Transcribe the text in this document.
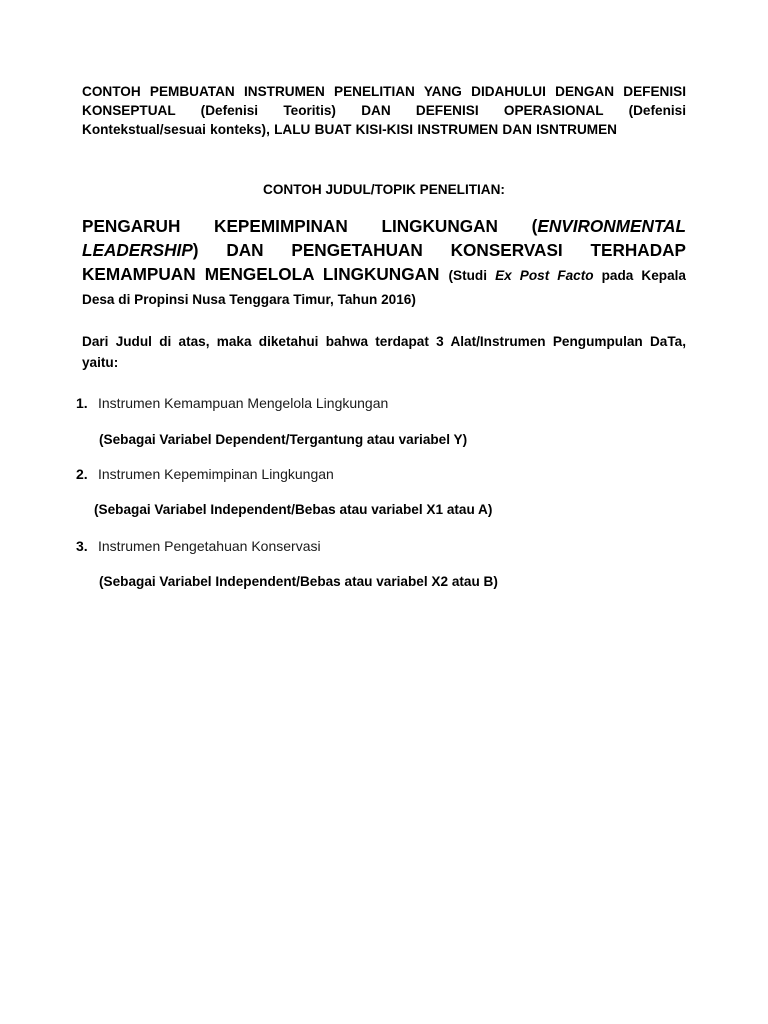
CONTOH PEMBUATAN INSTRUMEN PENELITIAN YANG DIDAHULUI DENGAN DEFENISI KONSEPTUAL (Defenisi Teoritis) DAN DEFENISI OPERASIONAL (Defenisi Kontekstual/sesuai konteks), LALU BUAT KISI-KISI INSTRUMEN DAN ISNTRUMEN

CONTOH JUDUL/TOPIK PENELITIAN:

PENGARUH KEPEMIMPINAN LINGKUNGAN (ENVIRONMENTAL LEADERSHIP) DAN PENGETAHUAN KONSERVASI TERHADAP KEMAMPUAN MENGELOLA LINGKUNGAN (Studi Ex Post Facto pada Kepala Desa di Propinsi Nusa Tenggara Timur, Tahun 2016)

Dari Judul di atas, maka diketahui bahwa terdapat 3 Alat/Instrumen Pengumpulan DaTa, yaitu:

1. Instrumen Kemampuan Mengelola Lingkungan

(Sebagai Variabel Dependent/Tergantung atau variabel Y)

2. Instrumen Kepemimpinan Lingkungan

(Sebagai Variabel Independent/Bebas atau variabel X1 atau A)

3. Instrumen Pengetahuan Konservasi

(Sebagai Variabel Independent/Bebas atau variabel X2 atau B)
